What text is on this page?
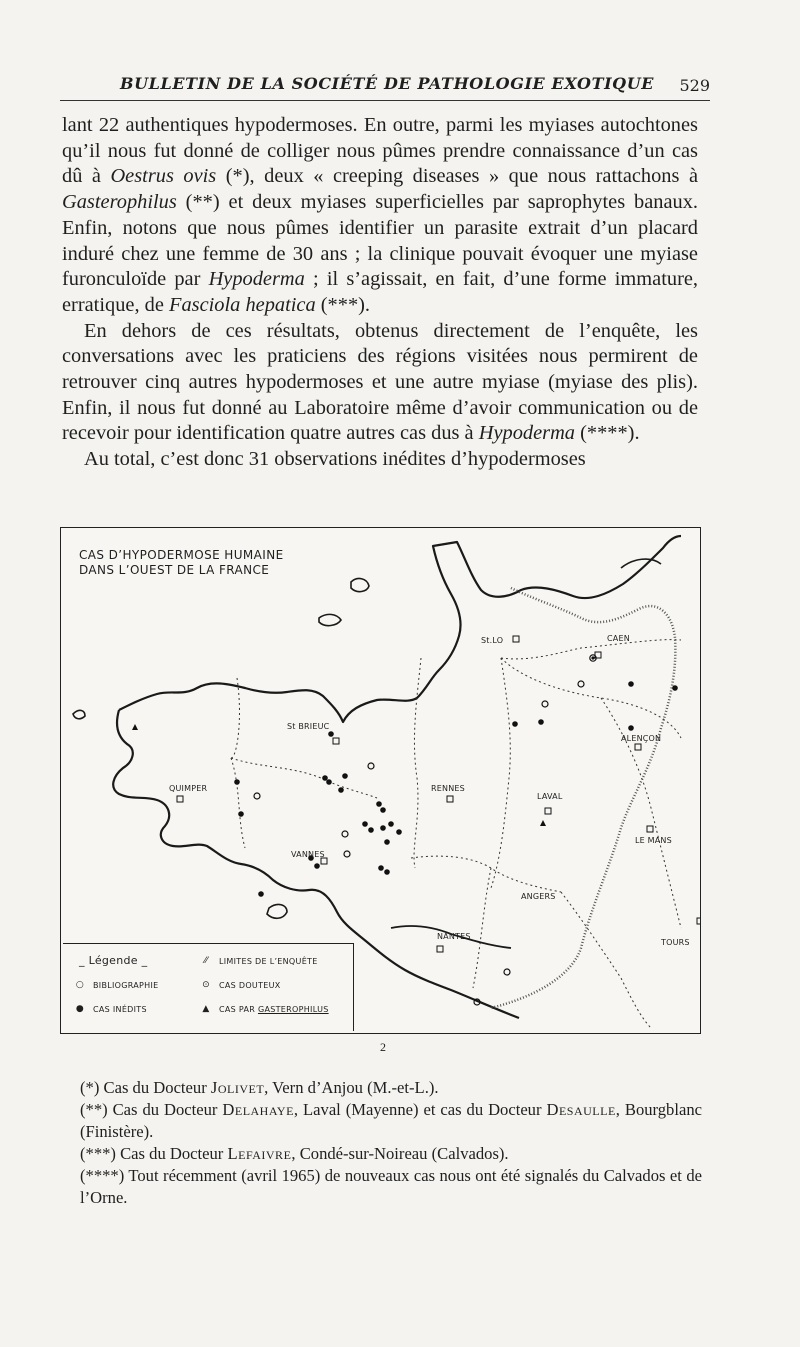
BULLETIN DE LA SOCIÉTÉ DE PATHOLOGIE EXOTIQUE 529

lant 22 authentiques hypodermoses. En outre, parmi les myiases autochtones qu’il nous fut donné de colliger nous pûmes prendre connaissance d’un cas dû à Oestrus ovis (*), deux « creeping diseases » que nous rattachons à Gasterophilus (**) et deux myiases superficielles par saprophytes banaux. Enfin, notons que nous pûmes identifier un parasite extrait d’un placard induré chez une femme de 30 ans ; la clinique pouvait évoquer une myiase furonculoïde par Hypoderma ; il s’agissait, en fait, d’une forme immature, erratique, de Fasciola hepatica (***).

En dehors de ces résultats, obtenus directement de l’enquête, les conversations avec les praticiens des régions visitées nous permirent de retrouver cinq autres hypodermoses et une autre myiase (myiase des plis). Enfin, il nous fut donné au Laboratoire même d’avoir communication ou de recevoir pour identification quatre autres cas dus à Hypoderma (****).

Au total, c’est donc 31 observations inédites d’hypodermoses

CAS D’HYPODERMOSE HUMAINE
DANS L’OUEST DE LA FRANCE
St.LO	CAEN
St BRIEUC
ALENÇON
RENNES
QUIMPER
LAVAL
LE MANS
VANNES
ANGERS
NANTES
TOURS
_ Légende _	⁄⁄	LIMITES DE L’ENQUÊTE
○ BIBLIOGRAPHIE	⊙ CAS DOUTEUX
● CAS INÉDITS	▲ CAS PAR GASTEROPHILUS
2

(*) Cas du Docteur Jolivet, Vern d’Anjou (M.-et-L.).

(**) Cas du Docteur Delahaye, Laval (Mayenne) et cas du Docteur Desaulle, Bourgblanc (Finistère).

(***) Cas du Docteur Lefaivre, Condé-sur-Noireau (Calvados).

(****) Tout récemment (avril 1965) de nouveaux cas nous ont été signalés du Calvados et de l’Orne.
